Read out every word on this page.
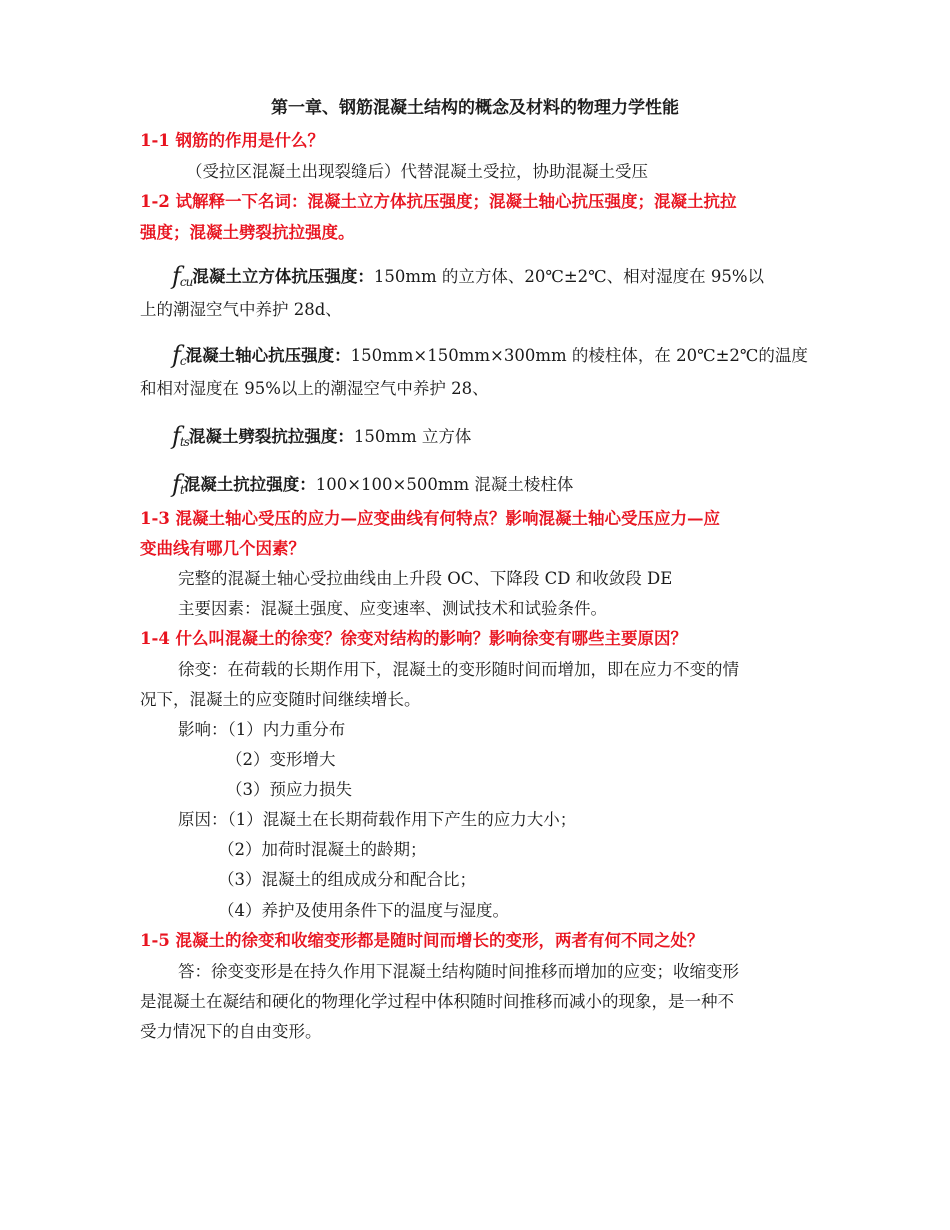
第一章、钢筋混凝土结构的概念及材料的物理力学性能
1-1 钢筋的作用是什么？
（受拉区混凝土出现裂缝后）代替混凝土受拉，协助混凝土受压
1-2 试解释一下名词：混凝土立方体抗压强度；混凝土轴心抗压强度；混凝土抗拉
强度；混凝土劈裂抗拉强度。
$f_{cu}$混凝土立方体抗压强度：150mm 的立方体、20℃±2℃、相对湿度在 95%以
上的潮湿空气中养护 28d、
$f_c$混凝土轴心抗压强度：150mm×150mm×300mm 的棱柱体，在 20℃±2℃的温度
和相对湿度在 95%以上的潮湿空气中养护 28、
$f_{ts}$混凝土劈裂抗拉强度：150mm 立方体
$f_t$混凝土抗拉强度：100×100×500mm 混凝土棱柱体
1-3 混凝土轴心受压的应力—应变曲线有何特点？影响混凝土轴心受压应力—应
变曲线有哪几个因素？
完整的混凝土轴心受拉曲线由上升段 OC、下降段 CD 和收敛段 DE
主要因素：混凝土强度、应变速率、测试技术和试验条件。
1-4 什么叫混凝土的徐变？徐变对结构的影响？影响徐变有哪些主要原因？
徐变：在荷载的长期作用下，混凝土的变形随时间而增加，即在应力不变的情
况下，混凝土的应变随时间继续增长。
影响：（1）内力重分布
（2）变形增大
（3）预应力损失
原因：（1）混凝土在长期荷载作用下产生的应力大小；
（2）加荷时混凝土的龄期；
（3）混凝土的组成成分和配合比；
（4）养护及使用条件下的温度与湿度。
1-5 混凝土的徐变和收缩变形都是随时间而增长的变形，两者有何不同之处？
答：徐变变形是在持久作用下混凝土结构随时间推移而增加的应变；收缩变形
是混凝土在凝结和硬化的物理化学过程中体积随时间推移而减小的现象，是一种不
受力情况下的自由变形。
